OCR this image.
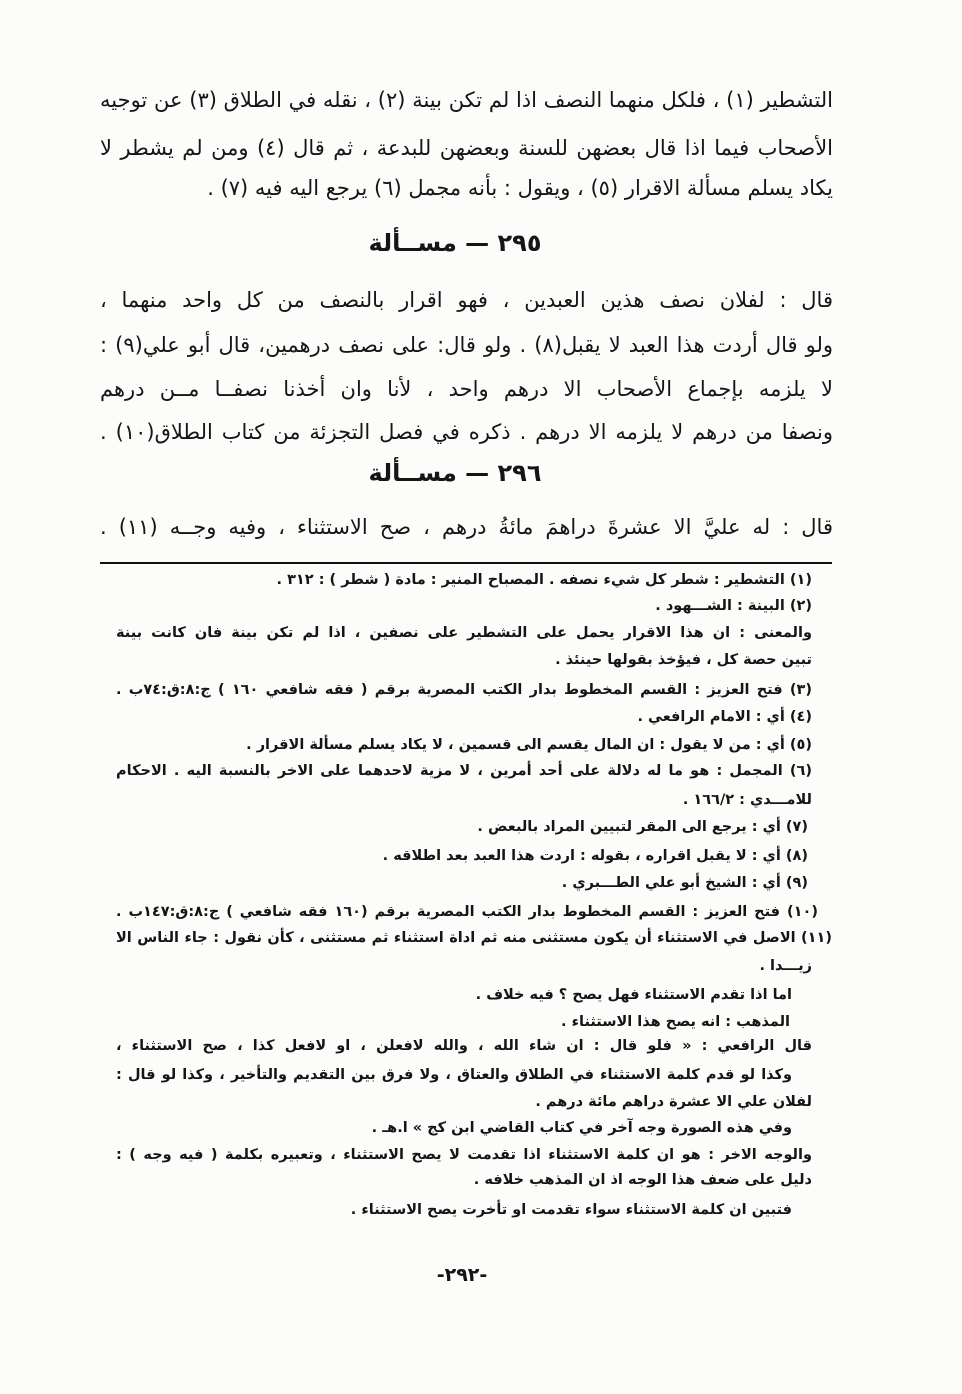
التشطير (١) ، فلكل منهما النصف اذا لم تكن بينة (٢) ، نقله في الطلاق (٣) عن توجيه
الأصحاب فيما اذا قال بعضهن للسنة وبعضهن للبدعة ، ثم قال (٤) ومن لم يشطر لا
يكاد يسلم مسألة الاقرار (٥) ، ويقول : بأنه مجمل (٦) يرجع اليه فيه (٧) .
٢٩٥ — مســألة
قال : لفلان نصف هذين العبدين ، فهو اقرار بالنصف من كل واحد منهما ،
ولو قال أردت هذا العبد لا يقبل(٨) . ولو قال: على نصف درهمين، قال أبو علي(٩) :
لا يلزمه بإجماع الأصحاب الا درهم واحد ، لأنا وان أخذنا نصفــا مــن درهم
ونصفا من درهم لا يلزمه الا درهم . ذكره في فصل التجزئة من كتاب الطلاق(١٠) .
٢٩٦ — مســألة
قال : له عليَّ الا عشرةَ دراهمَ مائةُ درهم ، صح الاستثناء ، وفيه وجــه (١١) .
(١) التشطير : شطر كل شيء نصفه . المصباح المنير : مادة ( شطر ) : ٣١٢ .
(٢) البينة : الشـــهود .
والمعنى : ان هذا الاقرار يحمل على التشطير على نصفين ، اذا لم تكن بينة فان كانت بينة
تبين حصة كل ، فيؤخذ بقولها حينئذ .
(٣) فتح العزيز : القسم المخطوط بدار الكتب المصرية برقم ( فقه شافعي ١٦٠ ) ج:٨:ق:٧٤ب .
(٤) أي : الامام الرافعي .
(٥) أي : من لا يقول : ان المال يقسم الى قسمين ، لا يكاد يسلم مسألة الاقرار .
(٦) المجمل : هو ما له دلالة على أحد أمرين ، لا مزية لاحدهما على الاخر بالنسبة اليه . الاحكام
للامـــدي : ١٦٦/٢ .
(٧) أي : يرجع الى المقر لتبيين المراد بالبعض .
(٨) أي : لا يقبل اقراره ، بقوله : اردت هذا العبد بعد اطلاقه .
(٩) أي : الشيخ أبو علي الطـــبري .
(١٠) فتح العزيز : القسم المخطوط بدار الكتب المصرية برقم (١٦٠ فقه شافعي ) ج:٨:ق:١٤٧ب .
(١١) الاصل في الاستثناء أن يكون مستثنى منه ثم اداة استثناء ثم مستثنى ، كأن نقول : جاء الناس الا
زيـــدا .
اما اذا تقدم الاستثناء فهل يصح ؟ فيه خلاف .
المذهب : انه يصح هذا الاستثناء .
قال الرافعي : « فلو قال : ان شاء الله ، والله لافعلن ، او لافعل كذا ، صح الاستثناء ،
وكذا لو قدم كلمة الاستثناء في الطلاق والعتاق ، ولا فرق بين التقديم والتأخير ، وكذا لو قال :
لفلان علي الا عشرة دراهم مائة درهم .
وفي هذه الصورة وجه آخر في كتاب القاضي ابن كج » ا.هـ .
والوجه الاخر : هو ان كلمة الاستثناء اذا تقدمت لا يصح الاستثناء ، وتعبيره بكلمة ( فيه وجه ) :
دليل على ضعف هذا الوجه اذ ان المذهب خلافه .
فتبين ان كلمة الاستثناء سواء تقدمت او تأخرت يصح الاستثناء .
-٢٩٢-
